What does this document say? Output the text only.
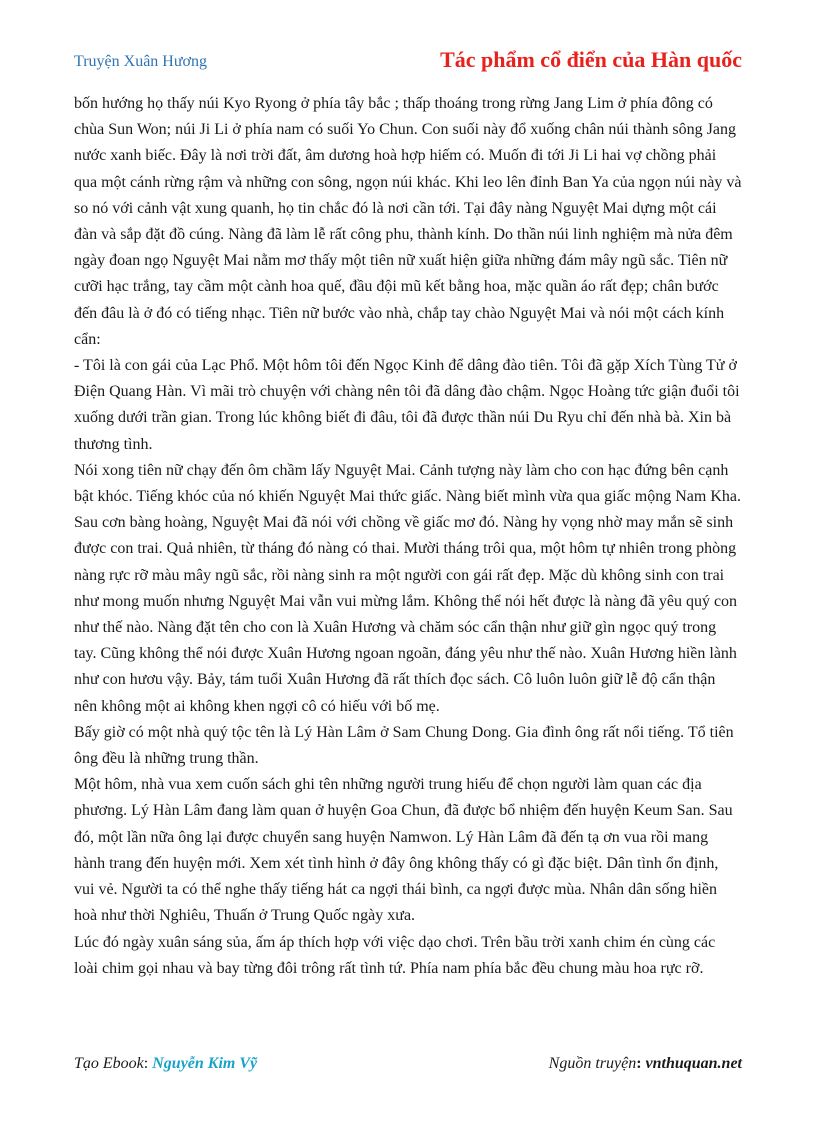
Truyện Xuân Hương	Tác phẩm cổ điển của Hàn quốc

bốn hướng họ thấy núi Kyo Ryong ở phía tây bắc ; thấp thoáng trong rừng Jang Lim ở phía đông có chùa Sun Won; núi Ji Li ở phía nam có suối Yo Chun. Con suối này đổ xuống chân núi thành sông Jang nước xanh biếc. Đây là nơi trời đất, âm dương hoà hợp hiếm có. Muốn đi tới Ji Li hai vợ chồng phải qua một cánh rừng rậm và những con sông, ngọn núi khác. Khi leo lên đỉnh Ban Ya của ngọn núi này và so nó với cảnh vật xung quanh, họ tin chắc đó là nơi cần tới. Tại đây nàng Nguyệt Mai dựng một cái đàn và sắp đặt đồ cúng. Nàng đã làm lễ rất công phu, thành kính. Do thần núi linh nghiệm mà nửa đêm ngày đoan ngọ Nguyệt Mai nằm mơ thấy một tiên nữ xuất hiện giữa những đám mây ngũ sắc. Tiên nữ cưỡi hạc trắng, tay cầm một cành hoa quế, đầu đội mũ kết bằng hoa, mặc quần áo rất đẹp; chân bước đến đâu là ở đó có tiếng nhạc. Tiên nữ bước vào nhà, chắp tay chào Nguyệt Mai và nói một cách kính cẩn:

- Tôi là con gái của Lạc Phổ. Một hôm tôi đến Ngọc Kinh để dâng đào tiên. Tôi đã gặp Xích Tùng Tử ở Điện Quang Hàn. Vì mãi trò chuyện với chàng nên tôi đã dâng đào chậm. Ngọc Hoàng tức giận đuổi tôi xuống dưới trần gian. Trong lúc không biết đi đâu, tôi đã được thần núi Du Ryu chỉ đến nhà bà. Xin bà thương tình.

Nói xong tiên nữ chạy đến ôm chầm lấy Nguyệt Mai. Cảnh tượng này làm cho con hạc đứng bên cạnh bật khóc. Tiếng khóc của nó khiến Nguyệt Mai thức giấc. Nàng biết mình vừa qua giấc mộng Nam Kha. Sau cơn bàng hoàng, Nguyệt Mai đã nói với chồng về giấc mơ đó. Nàng hy vọng nhờ may mắn sẽ sinh được con trai. Quả nhiên, từ tháng đó nàng có thai. Mười tháng trôi qua, một hôm tự nhiên trong phòng nàng rực rỡ màu mây ngũ sắc, rồi nàng sinh ra một người con gái rất đẹp. Mặc dù không sinh con trai như mong muốn nhưng Nguyệt Mai vẫn vui mừng lắm. Không thể nói hết được là nàng đã yêu quý con như thế nào. Nàng đặt tên cho con là Xuân Hương và chăm sóc cẩn thận như giữ gìn ngọc quý trong tay. Cũng không thể nói được Xuân Hương ngoan ngoãn, đáng yêu như thế nào. Xuân Hương hiền lành như con hươu vậy. Bảy, tám tuổi Xuân Hương đã rất thích đọc sách. Cô luôn luôn giữ lễ độ cẩn thận nên không một ai không khen ngợi cô có hiếu với bố mẹ.

Bấy giờ có một nhà quý tộc tên là Lý Hàn Lâm ở Sam Chung Dong. Gia đình ông rất nổi tiếng. Tổ tiên ông đều là những trung thần.

Một hôm, nhà vua xem cuốn sách ghi tên những người trung hiếu để chọn người làm quan các địa phương. Lý Hàn Lâm đang làm quan ở huyện Goa Chun, đã được bổ nhiệm đến huyện Keum San. Sau đó, một lần nữa ông lại được chuyển sang huyện Namwon. Lý Hàn Lâm đã đến tạ ơn vua rồi mang hành trang đến huyện mới. Xem xét tình hình ở đây ông không thấy có gì đặc biệt. Dân tình ổn định, vui vẻ. Người ta có thể nghe thấy tiếng hát ca ngợi thái bình, ca ngợi được mùa. Nhân dân sống hiền hoà như thời Nghiêu, Thuấn ở Trung Quốc ngày xưa.

Lúc đó ngày xuân sáng sủa, ấm áp thích hợp với việc dạo chơi. Trên bầu trời xanh chim én cùng các loài chim gọi nhau và bay từng đôi trông rất tình tứ. Phía nam phía bắc đều chung màu hoa rực rỡ.

Tạo Ebook: Nguyễn Kim Vỹ	Nguồn truyện: vnthuquan.net
